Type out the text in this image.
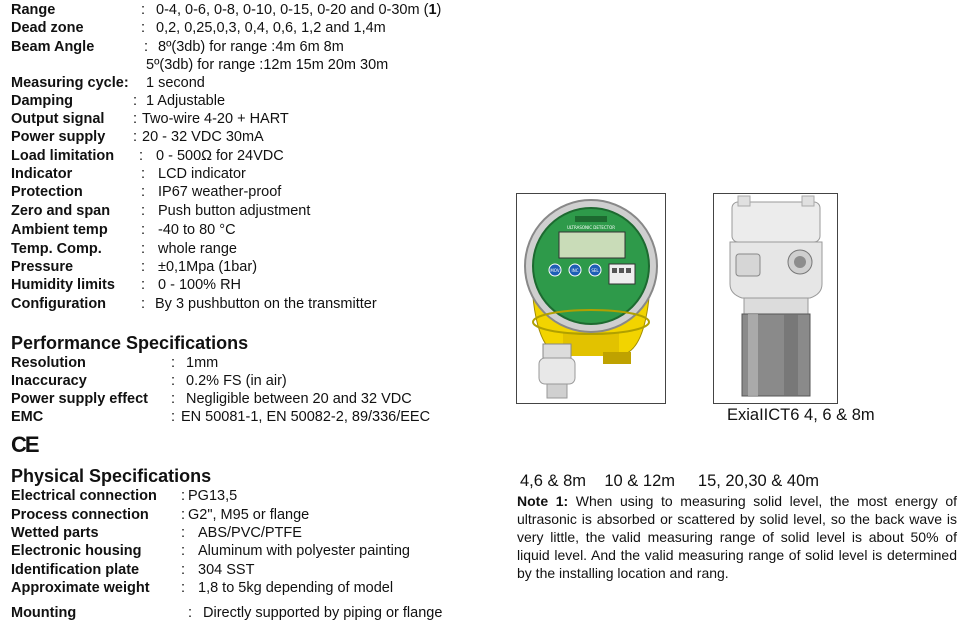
Range	: 0-4, 0-6, 0-8, 0-10, 0-15, 0-20 and 0-30m (1)
Dead zone	: 0,2, 0,25,0,3, 0,4, 0,6, 1,2 and 1,4m
Beam Angle	: 8º(3db) for range :4m 6m 8m
5º(3db) for range :12m 15m 20m 30m
Measuring cycle: 1 second
Damping	: 1 Adjustable
Output signal : Two-wire 4-20 + HART
Power supply : 20 - 32 VDC 30mA
Load limitation : 0 - 500Ω for 24VDC
Indicator	: LCD indicator
Protection	: IP67 weather-proof
Zero and span : Push button adjustment
Ambient temp : -40 to 80 °C
Temp. Comp.	: whole range
Pressure	: ±0,1Mpa (1bar)
Humidity limits : 0 - 100% RH
Configuration : By 3 pushbutton on the transmitter
Performance Specifications
Resolution	: 1mm
Inaccuracy	: 0.2% FS (in air)
Power supply effect : Negligible between 20 and 32 VDC
EMC	: EN 50081-1, EN 50082-2, 89/336/EEC
CE
Physical Specifications
Electrical connection : PG13,5
Process connection : G2", M95 or flange
Wetted parts	: ABS/PVC/PTFE
Electronic housing	: Aluminum with polyester painting
Identification plate	: 304 SST
Approximate weight : 1,8 to 5kg depending of model
Mounting	: Directly supported by piping or flange
ULTRASONIC DETECTOR
MOV	INC	SEL
ExiaIICT6 4, 6 & 8m
4,6 & 8m    10 & 12m     15, 20,30 & 40m
Note 1: When using to measuring solid level, the most energy of ultrasonic is absorbed or scattered by solid level, so the back wave is very little, the valid measuring range of solid level is about 50% of liquid level. And the valid measuring range of solid level is determined by the installing location and rang.
